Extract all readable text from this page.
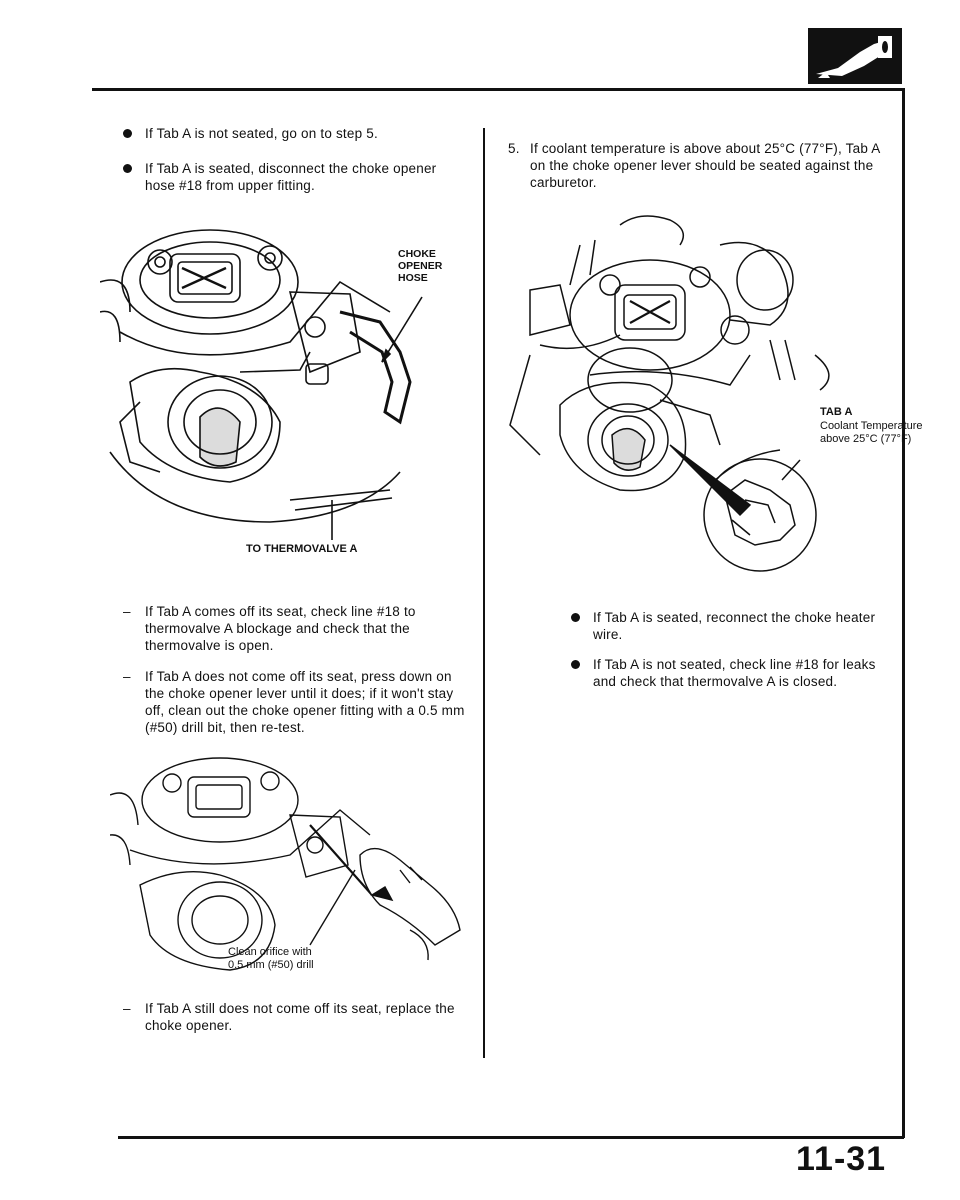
If Tab A is not seated, go on to step 5.
If Tab A is seated, disconnect the choke opener hose #18 from upper fitting.
CHOKE
OPENER
HOSE
TO THERMOVALVE A
– If Tab A comes off its seat, check line #18 to thermovalve A blockage and check that the thermovalve is open.
– If Tab A does not come off its seat, press down on the choke opener lever until it does; if it won't stay off, clean out the choke opener fitting with a 0.5 mm (#50) drill bit, then re-test.
Clean orifice with
0.5 mm (#50) drill
– If Tab A still does not come off its seat, replace the choke opener.
5. If coolant temperature is above about 25°C (77°F), Tab A on the choke opener lever should be seated against the carburetor.
TAB A
Coolant Temperature
above 25°C (77°F)
If Tab A is seated, reconnect the choke heater wire.
If Tab A is not seated, check line #18 for leaks and check that thermovalve A is closed.
11-31
